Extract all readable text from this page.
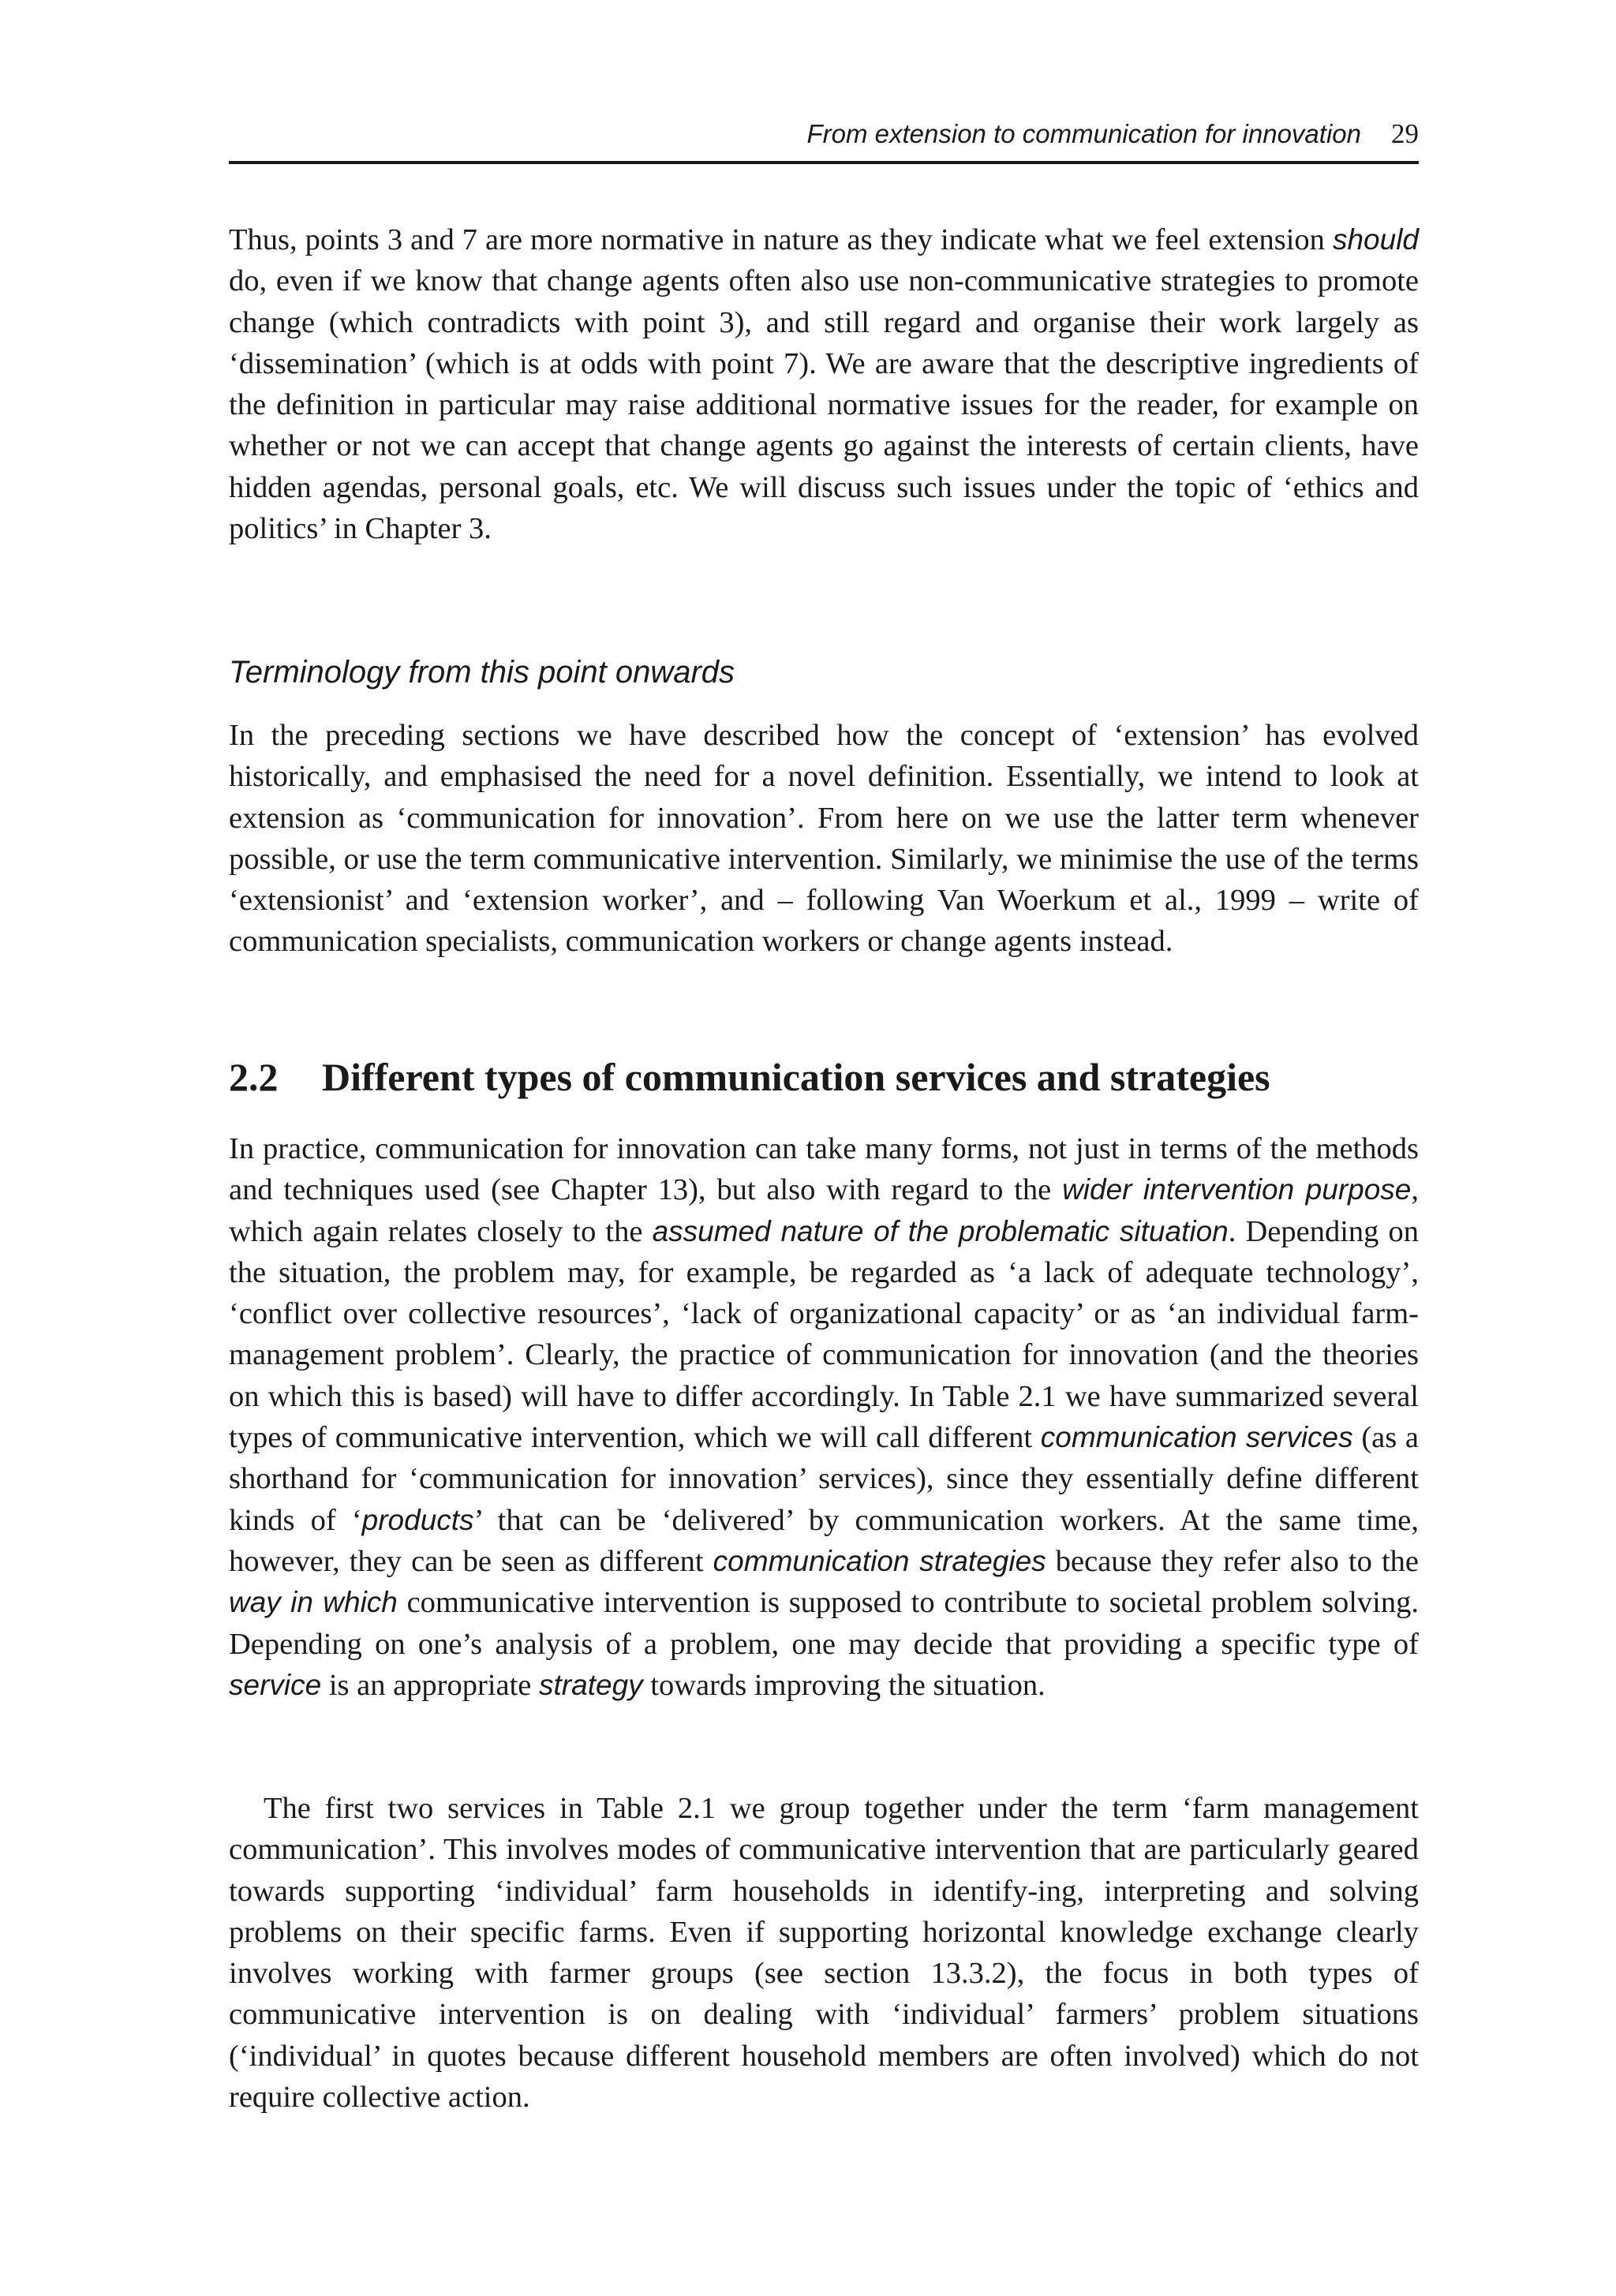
From extension to communication for innovation 29

Thus, points 3 and 7 are more normative in nature as they indicate what we feel extension should do, even if we know that change agents often also use non-communicative strategies to promote change (which contradicts with point 3), and still regard and organise their work largely as ‘dissemination’ (which is at odds with point 7). We are aware that the descriptive ingredients of the definition in particular may raise additional normative issues for the reader, for example on whether or not we can accept that change agents go against the interests of certain clients, have hidden agendas, personal goals, etc. We will discuss such issues under the topic of ‘ethics and politics’ in Chapter 3.

Terminology from this point onwards

In the preceding sections we have described how the concept of ‘extension’ has evolved historically, and emphasised the need for a novel definition. Essentially, we intend to look at extension as ‘communication for innovation’. From here on we use the latter term whenever possible, or use the term communicative intervention. Similarly, we minimise the use of the terms ‘extensionist’ and ‘extension worker’, and – following Van Woerkum et al., 1999 – write of communication specialists, communication workers or change agents instead.

2.2 Different types of communication services and strategies

In practice, communication for innovation can take many forms, not just in terms of the methods and techniques used (see Chapter 13), but also with regard to the wider intervention purpose, which again relates closely to the assumed nature of the problematic situation. Depending on the situation, the problem may, for example, be regarded as ‘a lack of adequate technology’, ‘conflict over collective resources’, ‘lack of organizational capacity’ or as ‘an individual farm-management problem’. Clearly, the practice of communication for innovation (and the theories on which this is based) will have to differ accordingly. In Table 2.1 we have summarized several types of communicative intervention, which we will call different communication services (as a shorthand for ‘communication for innovation’ services), since they essentially define different kinds of ‘products’ that can be ‘delivered’ by communication workers. At the same time, however, they can be seen as different communication strategies because they refer also to the way in which communicative intervention is supposed to contribute to societal problem solving. Depending on one’s analysis of a problem, one may decide that providing a specific type of service is an appropriate strategy towards improving the situation.

The first two services in Table 2.1 we group together under the term ‘farm management communication’. This involves modes of communicative intervention that are particularly geared towards supporting ‘individual’ farm households in identify-ing, interpreting and solving problems on their specific farms. Even if supporting horizontal knowledge exchange clearly involves working with farmer groups (see section 13.3.2), the focus in both types of communicative intervention is on dealing with ‘individual’ farmers’ problem situations (‘individual’ in quotes because different household members are often involved) which do not require collective action.
